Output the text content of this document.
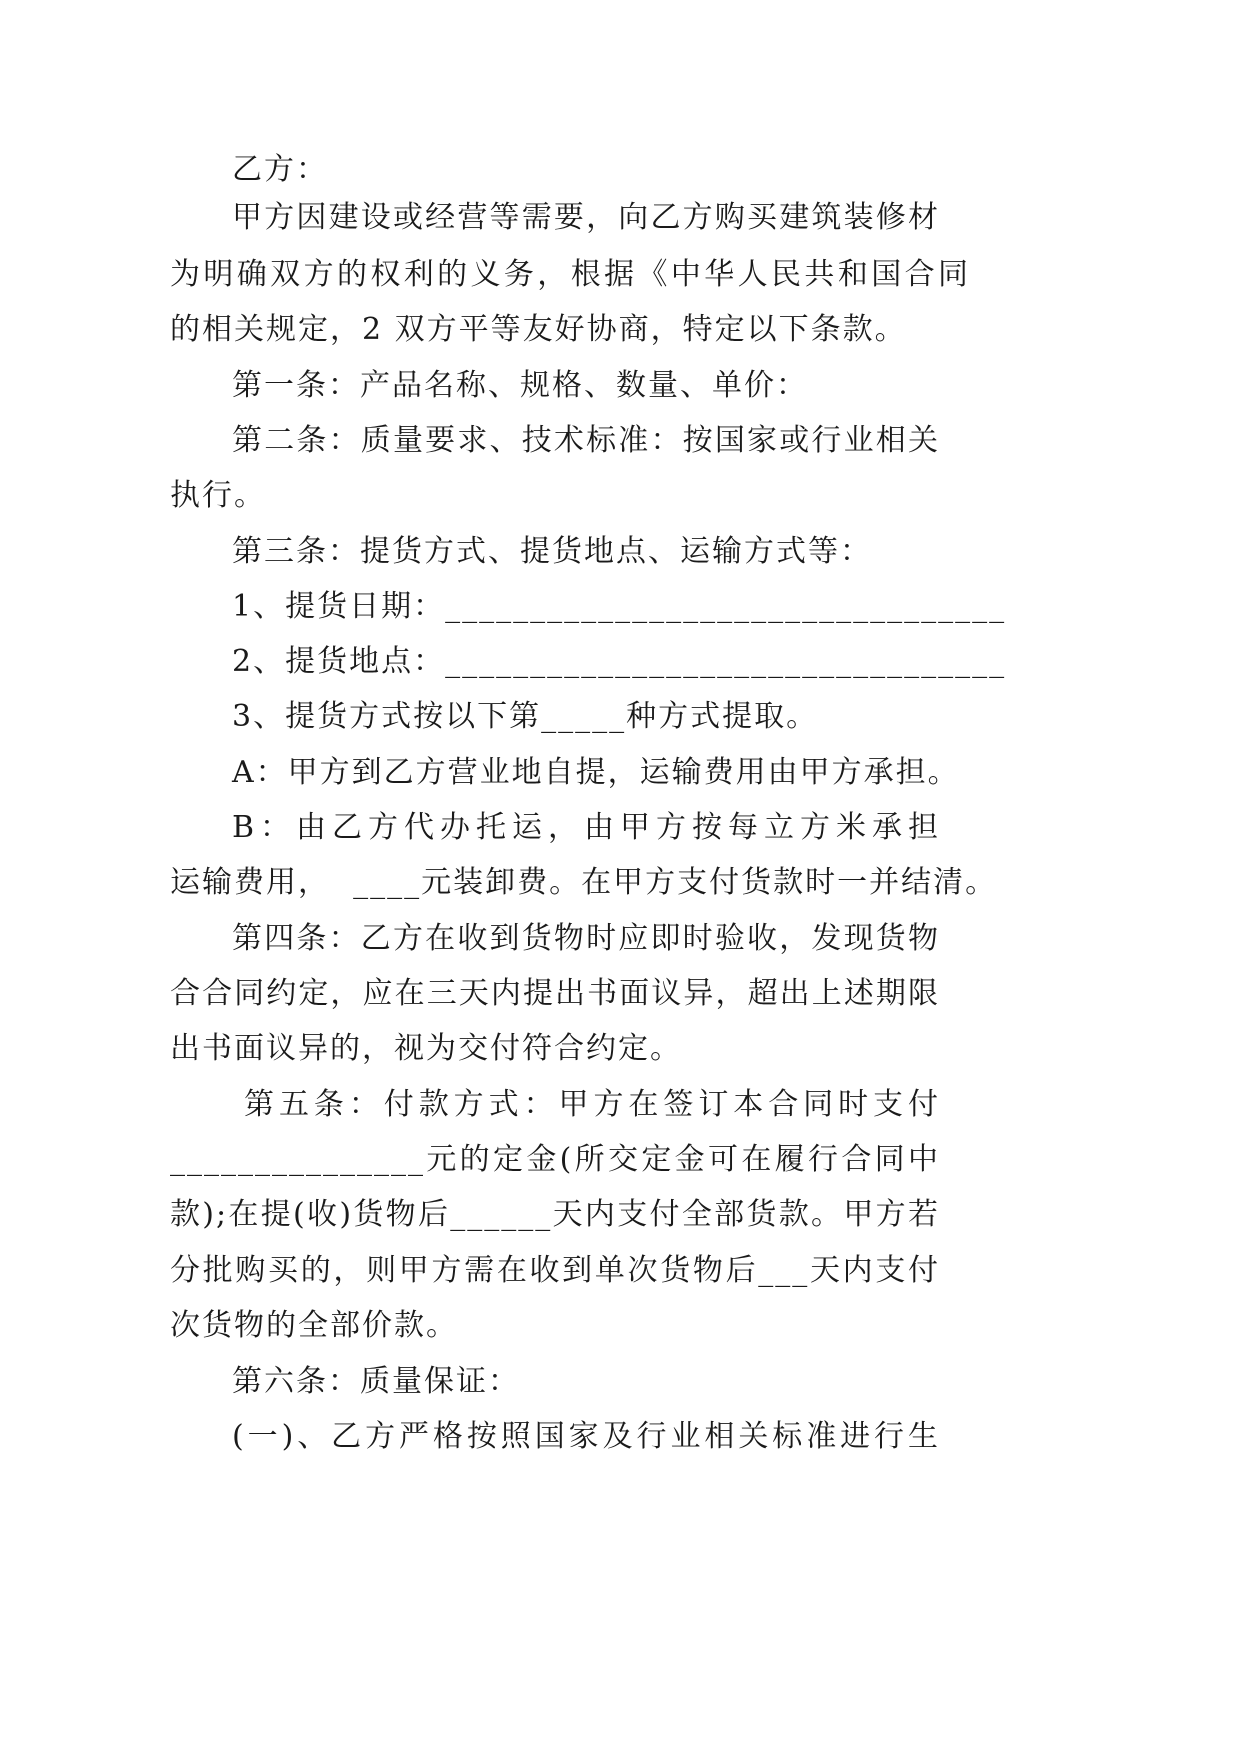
乙方：
甲方因建设或经营等需要，向乙方购买建筑装修材
为明确双方的权利的义务，根据《中华人民共和国合同
的相关规定，2 双方平等友好协商，特定以下条款。
第一条：产品名称、规格、数量、单价：
第二条：质量要求、技术标准：按国家或行业相关
执行。
第三条：提货方式、提货地点、运输方式等：
1、提货日期：_________________________________
2、提货地点：_________________________________
3、提货方式按以下第_____种方式提取。
A：甲方到乙方营业地自提，运输费用由甲方承担。
B：由乙方代办托运，由甲方按每立方米承担
运输费用，  ____元装卸费。在甲方支付货款时一并结清。
第四条：乙方在收到货物时应即时验收，发现货物
合合同约定，应在三天内提出书面议异，超出上述期限
出书面议异的，视为交付符合约定。
第五条：付款方式：甲方在签订本合同时支付
_______________元的定金(所交定金可在履行合同中
款);在提(收)货物后______天内支付全部货款。甲方若
分批购买的，则甲方需在收到单次货物后___天内支付
次货物的全部价款。
第六条：质量保证：
(一)、乙方严格按照国家及行业相关标准进行生
